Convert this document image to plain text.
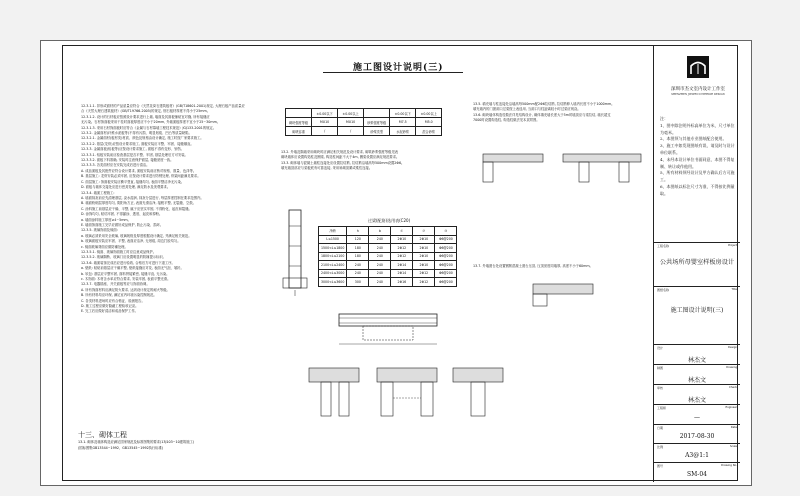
施工图设计说明(三)
12.3.1.1. 异形或面材的产品质量应符合《天然花岗石建筑板材》(GB/T18601-2001)规定, 大理石板产品质量应
合《天然大理石建筑板材》(GB/T19766-2005)的规定, 细石板材厚度不得小于25mm。
12.3.1.2. 设计的石材板应按照设计要求进行上墙, 墙面及其面板铺贴宜对缝, 所有接缝应
无污染。石材饰面板采用干挂时面板厚度应不小于20mm, 外墙面板厚度不宜小于25~30mm。
12.3.1.3. 采用石材饰面板时应符合《金属与石材幕墙工程技术规范》JGJ133-2001的规定。
12.3.2. 金属面材(纤维水泥板等)不得有污损、明显划痕、凹凸等质量缺陷。
12.3.2.1. 金属面材(板材类)材质、颜色及规格由设计确定, 施工时按厂家要求施工。
12.3.2.2. 基层(龙骨)应按设计要求施工, 面板安装应平整、牢固、接缝顺直。
12.3.3. 金属面板(铝板等)应按设计要求施工, 面板不得有变形、划伤。
12.3.3.1. 铝板安装前应检查基层是否平整、牢固, 基层处理后方可安装。
12.3.3.2. 面板下料准确, 安装时注意保护面层, 接缝宽度一致。
12.3.3.3. 各类面材应在安装完成后进行清洁。
A. 成品面板及其配件应符合设计要求, 面板安装前应核对规格、数量、色泽等。
B. 基层施工: 龙骨安装必须牢固, 应按设计要求进行防锈处理, 骨架间距满足要求。
C. 面层施工: 饰面板安装应横平竖直, 接缝均匀, 表面平整洁净无污染。
D. 面板与墙体交接处应进行密封处理, 满足防水及美观要求。
12.3.4. 墙面工程施工:
A. 墙面抹灰前应先清理基层, 浇水湿润, 抹灰分层进行, 每层厚度控制在要求范围内。
B. 墙面粉刷层厚度均匀, 阴阳角方正, 表面光滑洁净, 接槎平整, 无裂缝、空鼓。
C. 涂料施工前基层应干燥、平整, 腻子应坚实牢固, 不得粉化、起皮和裂缝。
D. 涂饰均匀, 粘结牢固, 不得漏涂、透底、起皮和掉粉。
a. 墙面涂料施工厚度≥4~5mm。
E. 墙面饰面施工完毕应做好成品保护, 防止污染、损坏。
12.3.5. 玻璃饰面及镜面:
a. 玻璃必须采用安全玻璃, 玻璃规格及厚度根据设计确定, 并满足相关规范。
b. 玻璃面板安装应牢固、平整, 表面应洁净, 无划痕, 周边打胶均匀。
c. 镜面玻璃背面应做防潮处理。
12.3.5.1. 镜面、玻璃饰面施工时应注意成品保护。
12.3.5.2. 玻璃隔断、玻璃门应设置明显的防撞提示标识。
12.3.6. 墙面装饰完成后应进行验收, 合格后方可进行下道工序。
a. 壁纸: 粘贴前基层应干燥平整, 壁纸接缝应对花, 表面无气泡、皱折。
b. 软包: 基层应平整牢固, 面料拼接紧密, 接缝平直, 无污染。
c. 木饰面: 木材含水率应符合要求, 安装牢固, 表面平整光滑。
12.3.7. 电器插座、开关面板等应与饰面协调。
A. 所有饰面材料应满足防火要求, 达到设计规定的耐火等级。
B. 所有材料均应环保, 满足室内环境污染控制规范。
C. 各类材料进场时应有合格证、检测报告。
D. 施工过程应做好隐蔽工程验收记录。
E. 完工后应做好清洁和成品保护工作。
	±0.00以下	±0.00以上		±0.00以下	±0.00以上
砌块强度等级	MU10	MU10	砂浆强度等级	M7.5	M5.0
砌块容重	/	/	砂浆类型	水泥砂浆	混合砂浆
13.2. 外墙及隔墙采用砌块时应满足相关规范及设计要求, 砌筑砂浆强度等级见表
砌块墙体应设置构造柱及圈梁, 构造柱间距不大于4m, 圈梁设置应满足规范要求。
13.3. 砌体墙与混凝土墙柱连接处应设置拉结筋, 拉结筋沿墙高每500mm设置2Φ6。
填充墙顶部应与梁板底有可靠连接, 采用斜砌顶紧或柔性连接。
过梁(配筋)选用表(C20)
净跨	h	b	①	②	③
L≤1500	120	240	2Φ10	2Φ10	Φ6@200
1500<L≤1800	180	240	2Φ12	2Φ10	Φ6@200
1800<L≤2100	180	240	2Φ12	2Φ10	Φ6@200
2100<L≤2400	240	240	2Φ14	2Φ10	Φ6@200
2400<L≤3000	240	240	2Φ14	2Φ12	Φ6@200
3000<L≤3600	300	240	2Φ16	2Φ12	Φ6@200
13.5. 填充墙与柱连接处沿墙高每500mm配2Φ6拉结筋, 拉结筋伸入墙内长度不小于1000mm。
填充墙内的门窗洞口过梁按上表选用, 当洞口与柱距离较小时过梁应现浇。
13.6. 砌块墙体构造柱做法详见结构设计, 砌体填充墙长度大于5m时墙顶应与梁拉结, 墙长超过
7000时设置构造柱, 构造柱做法见本页附图。
13.7. 外墙窗台处设置钢筋混凝土窗台压顶, 压顶宽度同墙厚, 高度不小于60mm。
十三、砌体工程
13.1. 砌体及墙体构造应满足国家规范及标准图集的要求(13J103~10建筑施工)
(国标图集GB13544~1992、GB13545~1992执行标准)
深圳市杰文室内设计工作室
SHENZHEN JIEWEN INTERIOR DESIGN
注：
1、图中除注明外标高单位为米，尺寸单位为毫米。
2、本图须与其他专业图纸配合使用。
3、施工中如发现图纸有误，请及时与设计单位联系。
4、未经本设计单位书面同意，本图不得复制、转让或作他用。
5、所有材料须经设计及甲方确认后方可施工。
6、本图纸以标注尺寸为准，不得按比例量取。
工程名称	Project
公共场所母婴室样板房设计
图纸名称	Title
施工图设计说明(三)
设计	Design
林杰文
制图	Drawing
林杰文
审核	Check
林杰文
工程师	Engineer
—
日期	Date
2017-08-30
比例	Scale
A3@1:1
图号	Drawing No.
SM-04
